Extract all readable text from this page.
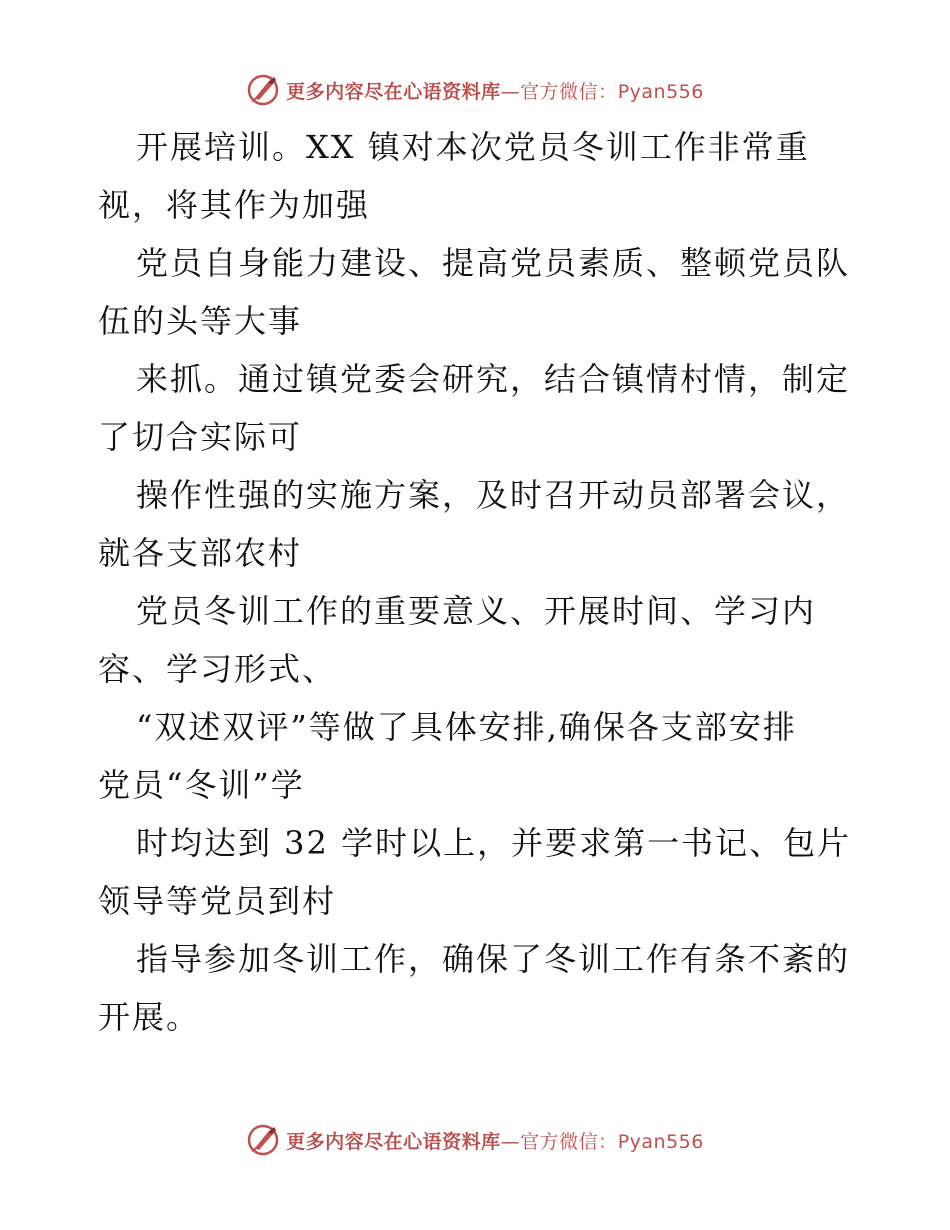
更多内容尽在心语资料库—官方微信：Pyan556

开展培训。XX 镇对本次党员冬训工作非常重
视，将其作为加强

党员自身能力建设、提高党员素质、整顿党员队
伍的头等大事

来抓。通过镇党委会研究，结合镇情村情，制定
了切合实际可

操作性强的实施方案，及时召开动员部署会议，
就各支部农村

党员冬训工作的重要意义、开展时间、学习内
容、学习形式、

“双述双评”等做了具体安排,确保各支部安排
党员“冬训”学

时均达到 32 学时以上，并要求第一书记、包片
领导等党员到村

指导参加冬训工作，确保了冬训工作有条不紊的
开展。

更多内容尽在心语资料库—官方微信：Pyan556
